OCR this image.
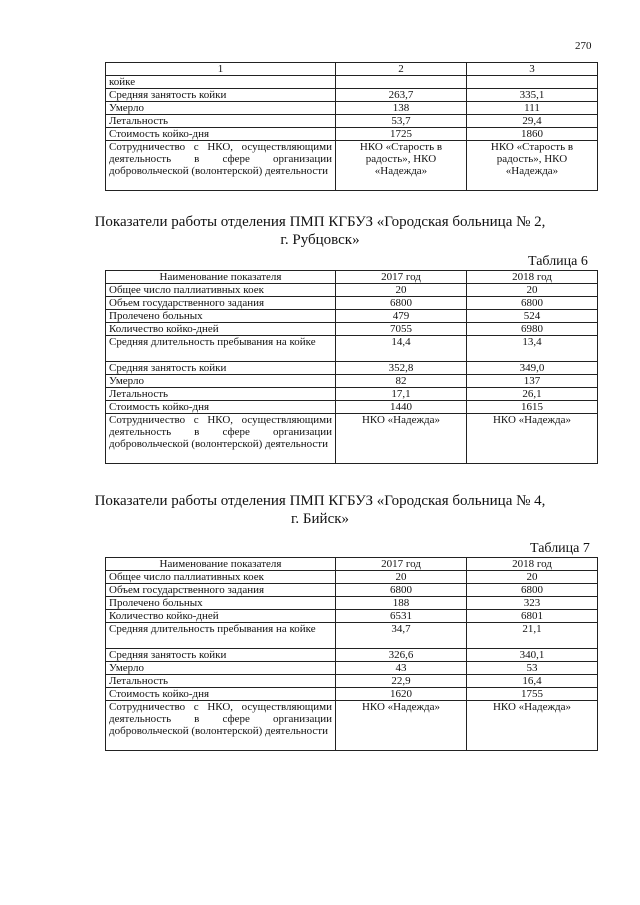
270
1	2	3
койке		
Средняя занятость койки	263,7	335,1
Умерло	138	111
Летальность	53,7	29,4
Стоимость койко-дня	1725	1860
Сотрудничество с НКО, осуществляющими деятельность в сфере организации добровольческой (волонтерской) деятельности	НКО «Старость в радость», НКО «Надежда»	НКО «Старость в радость», НКО «Надежда»
Показатели работы отделения ПМП КГБУЗ «Городская больница № 2,
г. Рубцовск»
Таблица 6
Наименование показателя	2017 год	2018 год
Общее число паллиативных коек	20	20
Объем государственного задания	6800	6800
Пролечено больных	479	524
Количество койко-дней	7055	6980
Средняя длительность пребывания на койке	14,4	13,4
Средняя занятость койки	352,8	349,0
Умерло	82	137
Летальность	17,1	26,1
Стоимость койко-дня	1440	1615
Сотрудничество с НКО, осуществляющими деятельность в сфере организации добровольческой (волонтерской) деятельности	НКО «Надежда»	НКО «Надежда»
Показатели работы отделения ПМП КГБУЗ «Городская больница № 4,
г. Бийск»
Таблица 7
Наименование показателя	2017 год	2018 год
Общее число паллиативных коек	20	20
Объем государственного задания	6800	6800
Пролечено больных	188	323
Количество койко-дней	6531	6801
Средняя длительность пребывания на койке	34,7	21,1
Средняя занятость койки	326,6	340,1
Умерло	43	53
Летальность	22,9	16,4
Стоимость койко-дня	1620	1755
Сотрудничество с НКО, осуществляющими деятельность в сфере организации добровольческой (волонтерской) деятельности	НКО «Надежда»	НКО «Надежда»
